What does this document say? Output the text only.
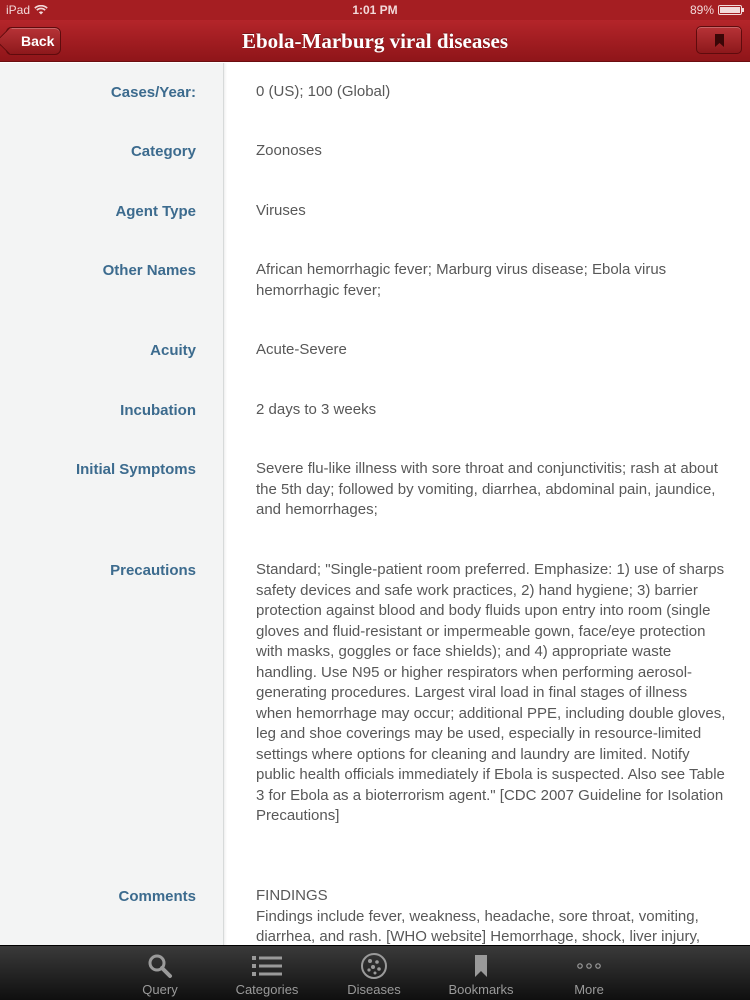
iPad	1:01 PM	89%
Back	Ebola-Marburg viral diseases
Cases/Year:	0 (US); 100 (Global)
Category	Zoonoses
Agent Type	Viruses
Other Names	African hemorrhagic fever; Marburg virus disease; Ebola virus hemorrhagic fever;
Acuity	Acute-Severe
Incubation	2 days to 3 weeks
Initial Symptoms	Severe flu-like illness with sore throat and conjunctivitis; rash at about the 5th day; followed by vomiting, diarrhea, abdominal pain, jaundice, and hemorrhages;
Precautions	Standard; "Single-patient room preferred. Emphasize: 1) use of sharps safety devices and safe work practices, 2) hand hygiene; 3) barrier protection against blood and body fluids upon entry into room (single gloves and fluid-resistant or impermeable gown, face/eye protection with masks, goggles or face shields); and 4) appropriate waste handling. Use N95 or higher respirators when performing aerosol-generating procedures. Largest viral load in final stages of illness when hemorrhage may occur; additional PPE, including double gloves, leg and shoe coverings may be used, especially in resource-limited settings where options for cleaning and laundry are limited. Notify public health officials immediately if Ebola is suspected. Also see Table 3 for Ebola as a bioterrorism agent." [CDC 2007 Guideline for Isolation Precautions]
Comments	FINDINGS
Findings include fever, weakness, headache, sore throat, vomiting, diarrhea, and rash. [WHO website] Hemorrhage, shock, liver injury,
Query	Categories	Diseases	Bookmarks	More
